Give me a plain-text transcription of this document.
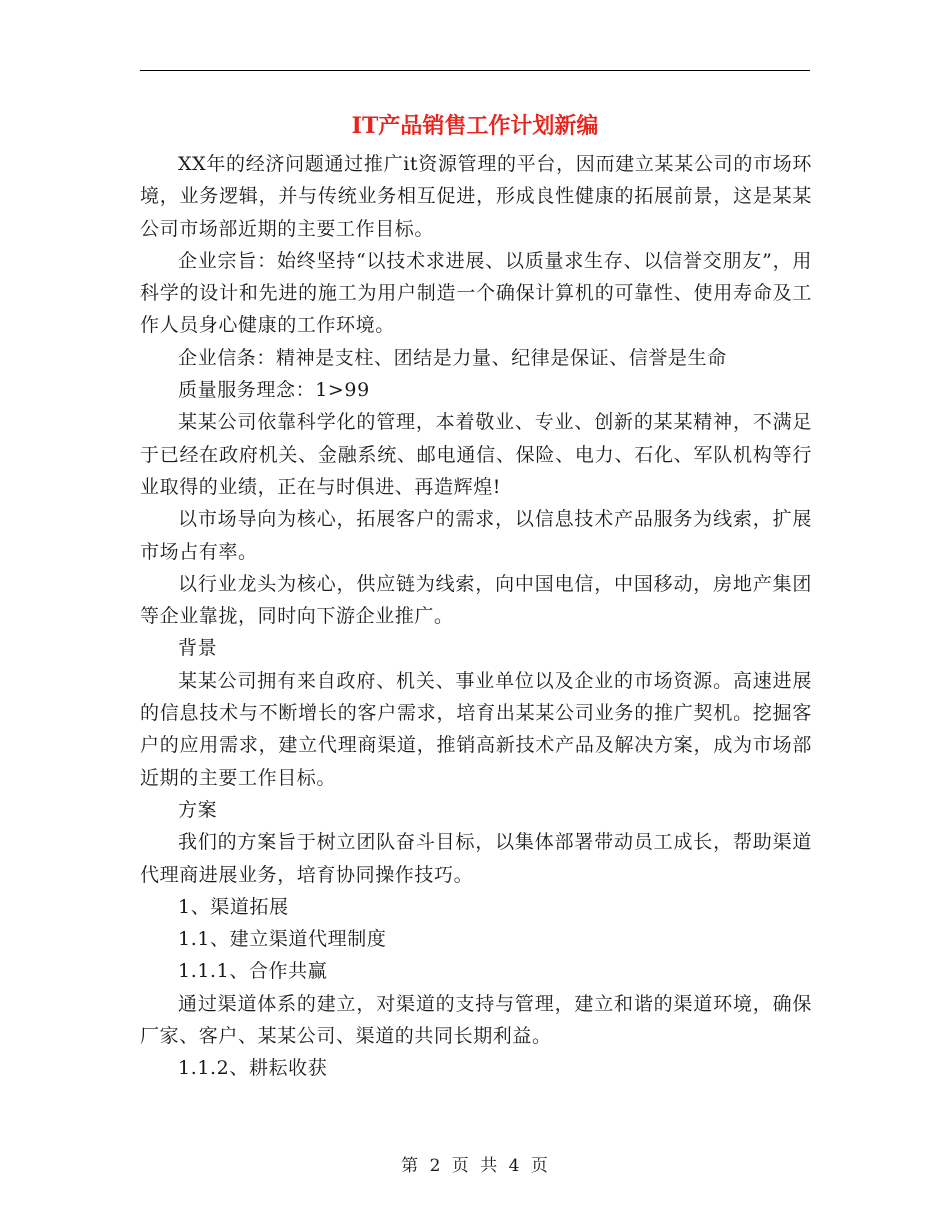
IT产品销售工作计划新编

XX年的经济问题通过推广it资源管理的平台，因而建立某某公司的市场环境，业务逻辑，并与传统业务相互促进，形成良性健康的拓展前景，这是某某公司市场部近期的主要工作目标。

企业宗旨：始终坚持“以技术求进展、以质量求生存、以信誉交朋友”，用科学的设计和先进的施工为用户制造一个确保计算机的可靠性、使用寿命及工作人员身心健康的工作环境。

企业信条：精神是支柱、团结是力量、纪律是保证、信誉是生命

质量服务理念：1>99

某某公司依靠科学化的管理，本着敬业、专业、创新的某某精神，不满足于已经在政府机关、金融系统、邮电通信、保险、电力、石化、军队机构等行业取得的业绩，正在与时俱进、再造辉煌!

以市场导向为核心，拓展客户的需求，以信息技术产品服务为线索，扩展市场占有率。

以行业龙头为核心，供应链为线索，向中国电信，中国移动，房地产集团等企业靠拢，同时向下游企业推广。

背景

某某公司拥有来自政府、机关、事业单位以及企业的市场资源。高速进展的信息技术与不断增长的客户需求，培育出某某公司业务的推广契机。挖掘客户的应用需求，建立代理商渠道，推销高新技术产品及解决方案，成为市场部近期的主要工作目标。

方案

我们的方案旨于树立团队奋斗目标，以集体部署带动员工成长，帮助渠道代理商进展业务，培育协同操作技巧。

1、渠道拓展

1.1、建立渠道代理制度

1.1.1、合作共赢

通过渠道体系的建立，对渠道的支持与管理，建立和谐的渠道环境，确保厂家、客户、某某公司、渠道的共同长期利益。

1.1.2、耕耘收获

第 2 页 共 4 页
